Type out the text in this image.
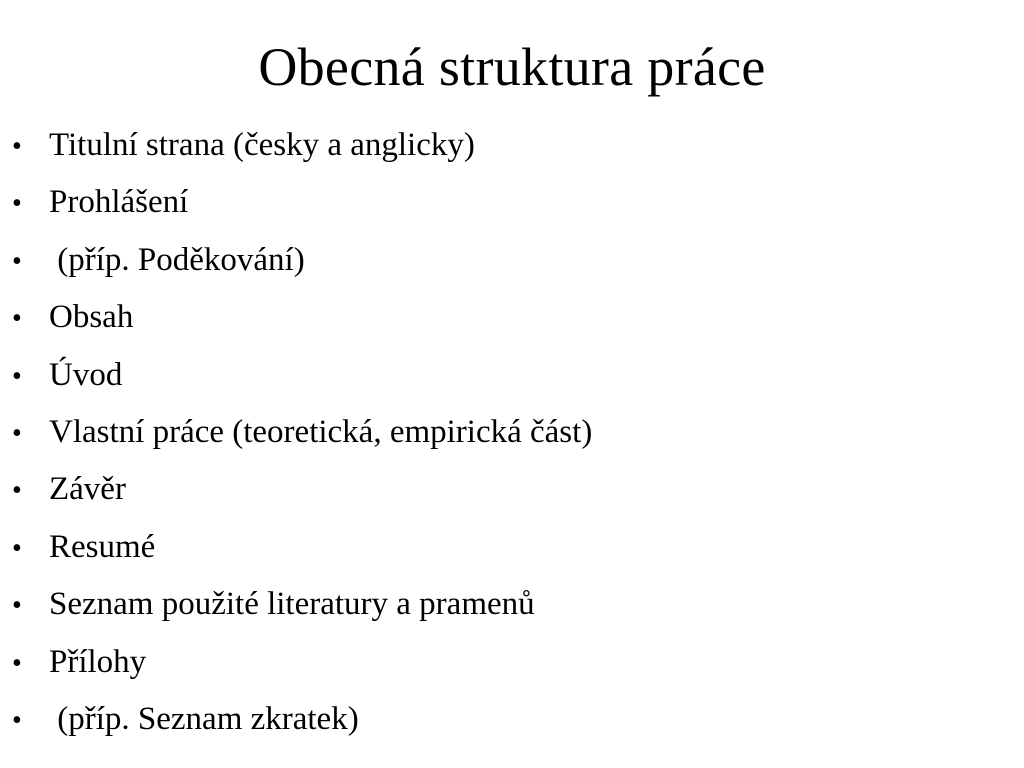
Obecná struktura práce
• Titulní strana (česky a anglicky)
• Prohlášení
• (příp. Poděkování)
• Obsah
• Úvod
• Vlastní práce (teoretická, empirická část)
• Závěr
• Resumé
• Seznam použité literatury a pramenů
• Přílohy
• (příp. Seznam zkratek)
